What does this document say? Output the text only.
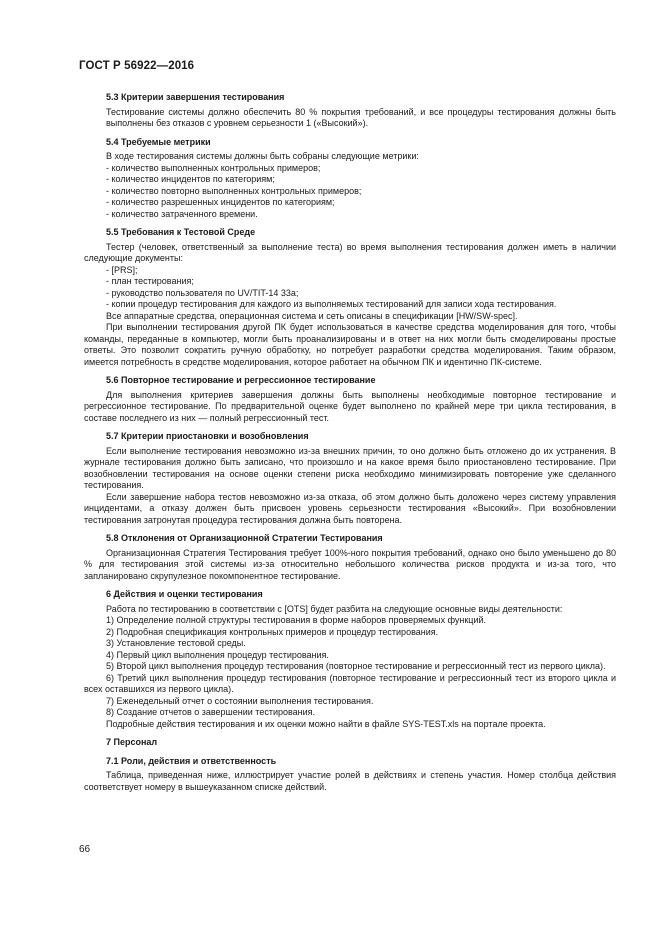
ГОСТ Р 56922—2016
5.3 Критерии завершения тестирования

Тестирование системы должно обеспечить 80 % покрытия требований, и все процедуры тестирования должны быть выполнены без отказов с уровнем серьезности 1 («Высокий»).

5.4 Требуемые метрики

В ходе тестирования системы должны быть собраны следующие метрики:

- количество выполненных контрольных примеров;

- количество инцидентов по категориям;

- количество повторно выполненных контрольных примеров;

- количество разрешенных инцидентов по категориям;

- количество затраченного времени.

5.5 Требования к Тестовой Среде

Тестер (человек, ответственный за выполнение теста) во время выполнения тестирования должен иметь в наличии следующие документы:

- [PRS];

- план тестирования;

- руководство пользователя по UV/TIT-14 33a;

- копии процедур тестирования для каждого из выполняемых тестирований для записи хода тестирования.

Все аппаратные средства, операционная система и сеть описаны в спецификации [HW/SW-spec].

При выполнении тестирования другой ПК будет использоваться в качестве средства моделирования для того, чтобы команды, переданные в компьютер, могли быть проанализированы и в ответ на них могли быть смоделированы простые ответы. Это позволит сократить ручную обработку, но потребует разработки средства моделирования. Таким образом, имеется потребность в средстве моделирования, которое работает на обычном ПК и идентично ПК-системе.

5.6 Повторное тестирование и регрессионное тестирование

Для выполнения критериев завершения должны быть выполнены необходимые повторное тестирование и регрессионное тестирование. По предварительной оценке будет выполнено по крайней мере три цикла тестирования, в составе последнего из них — полный регрессионный тест.

5.7 Критерии приостановки и возобновления

Если выполнение тестирования невозможно из-за внешних причин, то оно должно быть отложено до их устранения. В журнале тестирования должно быть записано, что произошло и на какое время было приостановлено тестирование. При возобновлении тестирования на основе оценки степени риска необходимо минимизировать повторение уже сделанного тестирования.

Если завершение набора тестов невозможно из-за отказа, об этом должно быть доложено через систему управления инцидентами, а отказу должен быть присвоен уровень серьезности тестирования «Высокий». При возобновлении тестирования затронутая процедура тестирования должна быть повторена.

5.8 Отклонения от Организационной Стратегии Тестирования

Организационная Стратегия Тестирования требует 100%-ного покрытия требований, однако оно было уменьшено до 80 % для тестирования этой системы из-за относительно небольшого количества рисков продукта и из-за того, что запланировано скрупулезное покомпонентное тестирование.

6 Действия и оценки тестирования

Работа по тестированию в соответствии с [OTS] будет разбита на следующие основные виды деятельности:

1) Определение полной структуры тестирования в форме наборов проверяемых функций.

2) Подробная спецификация контрольных примеров и процедур тестирования.

3) Установление тестовой среды.

4) Первый цикл выполнения процедур тестирования.

5) Второй цикл выполнения процедур тестирования (повторное тестирование и регрессионный тест из первого цикла).

6) Третий цикл выполнения процедур тестирования (повторное тестирование и регрессионный тест из второго цикла и всех оставшихся из первого цикла).

7) Еженедельный отчет о состоянии выполнения тестирования.

8) Создание отчетов о завершении тестирования.

Подробные действия тестирования и их оценки можно найти в файле SYS-TEST.xls на портале проекта.

7 Персонал
7.1 Роли, действия и ответственность

Таблица, приведенная ниже, иллюстрирует участие ролей в действиях и степень участия. Номер столбца действия соответствует номеру в вышеуказанном списке действий.

66
